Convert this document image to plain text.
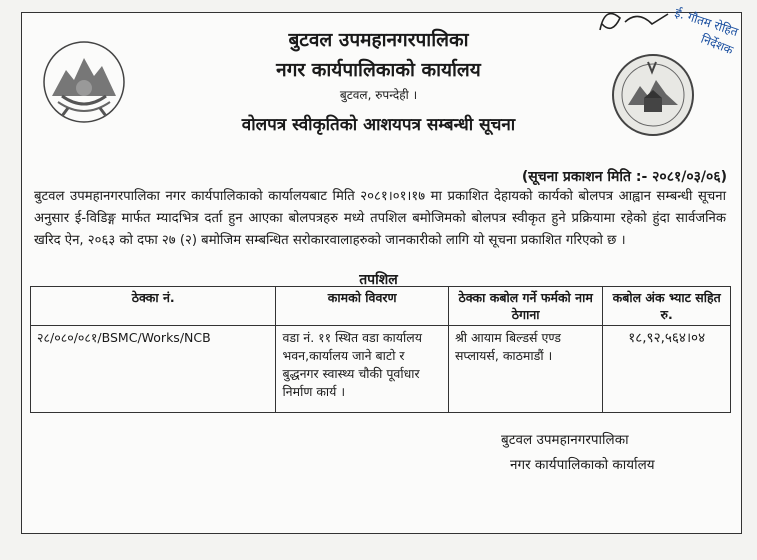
ई. गौतम रोहित
निर्देशक
बुटवल उपमहानगरपालिका
नगर कार्यपालिकाको कार्यालय
बुटवल, रुपन्देही ।
वोलपत्र स्वीकृतिको आशयपत्र सम्बन्धी सूचना
(सूचना प्रकाशन मिति :- २०८१/०३/०६)
बुटवल उपमहानगरपालिका नगर कार्यपालिकाको कार्यालयबाट मिति २०८१।०१।१७ मा प्रकाशित देहायको कार्यको बोलपत्र आह्वान सम्बन्धी सूचना अनुसार ई-विडिङ्ग मार्फत म्यादभित्र दर्ता हुन आएका बोलपत्रहरु मध्ये तपशिल बमोजिमको बोलपत्र स्वीकृत हुने प्रक्रियामा रहेको हुंदा सार्वजनिक खरिद ऐन, २०६३ को दफा २७ (२) बमोजिम सम्बन्धित सरोकारवालाहरुको जानकारीको लागि यो सूचना प्रकाशित गरिएको छ ।
तपशिल
ठेक्का नं.	कामको विवरण	ठेक्का कबोल गर्ने फर्मको नाम ठेगाना	कबोल अंक भ्याट सहित रु.
२८/०८०/०८१/BSMC/Works/NCB	वडा नं. ११ स्थित वडा कार्यालय भवन,कार्यालय जाने बाटो र बुद्धनगर स्वास्थ्य चौकी पूर्वाधार निर्माण कार्य ।	श्री आयाम बिल्डर्स एण्ड सप्लायर्स, काठमाडौं ।	१८,९२,५६४।०४
बुटवल उपमहानगरपालिका
नगर कार्यपालिकाको कार्यालय
